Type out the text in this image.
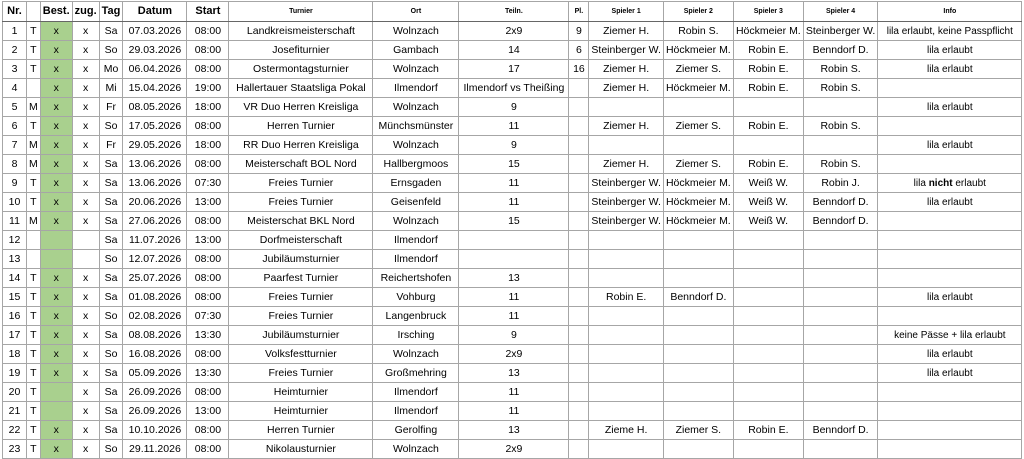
Nr.		Best.	zug.	Tag	Datum	Start	Turnier	Ort	Teiln.	Pl.	Spieler 1	Spieler 2	Spieler 3	Spieler 4	Info
1	T	x	x	Sa	07.03.2026	08:00	Landkreismeisterschaft	Wolnzach	2x9	9	Ziemer H.	Robin S.	Höckmeier M.	Steinberger W.	lila erlaubt, keine Passpflicht
2	T	x	x	So	29.03.2026	08:00	Josefiturnier	Gambach	14	6	Steinberger W.	Höckmeier M.	Robin E.	Benndorf D.	lila erlaubt
3	T	x	x	Mo	06.04.2026	08:00	Ostermontagsturnier	Wolnzach	17	16	Ziemer H.	Ziemer S.	Robin E.	Robin S.	lila erlaubt
4		x	x	Mi	15.04.2026	19:00	Hallertauer Staatsliga Pokal	Ilmendorf	Ilmendorf vs Theißing		Ziemer H.	Höckmeier M.	Robin E.	Robin S.	
5	M	x	x	Fr	08.05.2026	18:00	VR Duo Herren Kreisliga	Wolnzach	9						lila erlaubt
6	T	x	x	So	17.05.2026	08:00	Herren Turnier	Münchsmünster	11		Ziemer H.	Ziemer S.	Robin E.	Robin S.	
7	M	x	x	Fr	29.05.2026	18:00	RR Duo Herren Kreisliga	Wolnzach	9						lila erlaubt
8	M	x	x	Sa	13.06.2026	08:00	Meisterschaft BOL Nord	Hallbergmoos	15		Ziemer H.	Ziemer S.	Robin E.	Robin S.	
9	T	x	x	Sa	13.06.2026	07:30	Freies Turnier	Ernsgaden	11		Steinberger W.	Höckmeier M.	Weiß W.	Robin J.	lila nicht erlaubt
10	T	x	x	Sa	20.06.2026	13:00	Freies Turnier	Geisenfeld	11		Steinberger W.	Höckmeier M.	Weiß W.	Benndorf D.	lila erlaubt
11	M	x	x	Sa	27.06.2026	08:00	Meisterschat BKL Nord	Wolnzach	15		Steinberger W.	Höckmeier M.	Weiß W.	Benndorf D.	
12				Sa	11.07.2026	13:00	Dorfmeisterschaft	Ilmendorf							
13				So	12.07.2026	08:00	Jubiläumsturnier	Ilmendorf							
14	T	x	x	Sa	25.07.2026	08:00	Paarfest Turnier	Reichertshofen	13						
15	T	x	x	Sa	01.08.2026	08:00	Freies Turnier	Vohburg	11		Robin E.	Benndorf D.			lila erlaubt
16	T	x	x	So	02.08.2026	07:30	Freies Turnier	Langenbruck	11						
17	T	x	x	Sa	08.08.2026	13:30	Jubiläumsturnier	Irsching	9						keine Pässe + lila erlaubt
18	T	x	x	So	16.08.2026	08:00	Volksfestturnier	Wolnzach	2x9						lila erlaubt
19	T	x	x	Sa	05.09.2026	13:30	Freies Turnier	Großmehring	13						lila erlaubt
20	T		x	Sa	26.09.2026	08:00	Heimturnier	Ilmendorf	11						
21	T		x	Sa	26.09.2026	13:00	Heimturnier	Ilmendorf	11						
22	T	x	x	Sa	10.10.2026	08:00	Herren Turnier	Gerolfing	13		Zieme H.	Ziemer S.	Robin E.	Benndorf D.	
23	T	x	x	So	29.11.2026	08:00	Nikolausturnier	Wolnzach	2x9						
